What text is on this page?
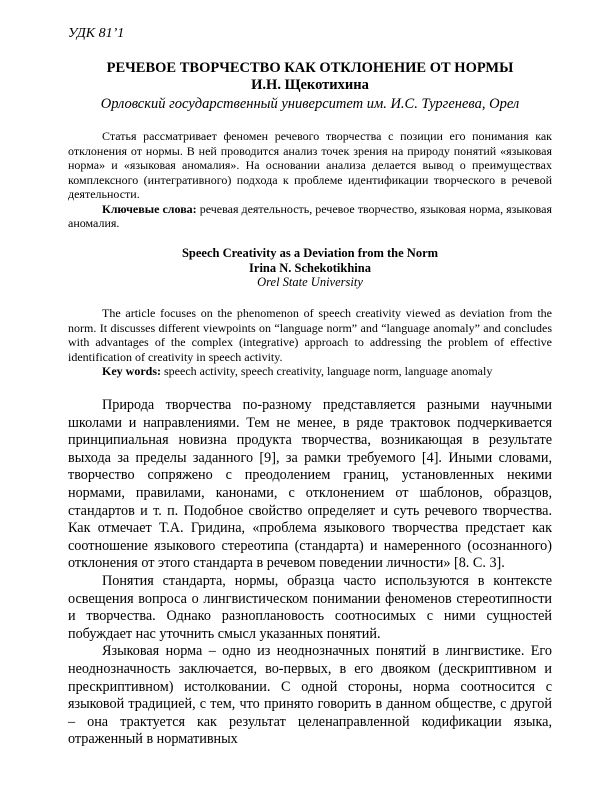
УДК 81’1
РЕЧЕВОЕ ТВОРЧЕСТВО КАК ОТКЛОНЕНИЕ ОТ НОРМЫ
И.Н. Щекотихина
Орловский государственный университет им. И.С. Тургенева, Орел

Статья рассматривает феномен речевого творчества с позиции его понимания как отклонения от нормы. В ней проводится анализ точек зрения на природу понятий «языковая норма» и «языковая аномалия». На основании анализа делается вывод о преимуществах комплексного (интегративного) подхода к проблеме идентификации творческого в речевой деятельности.

Ключевые слова: речевая деятельность, речевое творчество, языковая норма, языковая аномалия.

Speech Creativity as a Deviation from the Norm
Irina N. Schekotikhina
Orel State University

The article focuses on the phenomenon of speech creativity viewed as deviation from the norm. It discusses different viewpoints on “language norm” and “language anomaly” and concludes with advantages of the complex (integrative) approach to addressing the problem of effective identification of creativity in speech activity.

Key words: speech activity, speech creativity, language norm, language anomaly

Природа творчества по-разному представляется разными научными школами и направлениями. Тем не менее, в ряде трактовок подчеркивается принципиальная новизна продукта творчества, возникающая в результате выхода за пределы заданного [9], за рамки требуемого [4]. Иными словами, творчество сопряжено с преодолением границ, установленных некими нормами, правилами, канонами, с отклонением от шаблонов, образцов, стандартов и т. п. Подобное свойство определяет и суть речевого творчества. Как отмечает Т.А. Гридина, «проблема языкового творчества предстает как соотношение языкового стереотипа (стандарта) и намеренного (осознанного) отклонения от этого стандарта в речевом поведении личности» [8. С. 3].

Понятия стандарта, нормы, образца часто используются в контексте освещения вопроса о лингвистическом понимании феноменов стереотипности и творчества. Однако разноплановость соотносимых с ними сущностей побуждает нас уточнить смысл указанных понятий.

Языковая норма – одно из неоднозначных понятий в лингвистике. Его неоднозначность заключается, во-первых, в его двояком (дескриптивном и прескриптивном) истолковании. С одной стороны, норма соотносится с языковой традицией, с тем, что принято говорить в данном обществе, с другой – она трактуется как результат целенаправленной кодификации языка, отраженный в нормативных
